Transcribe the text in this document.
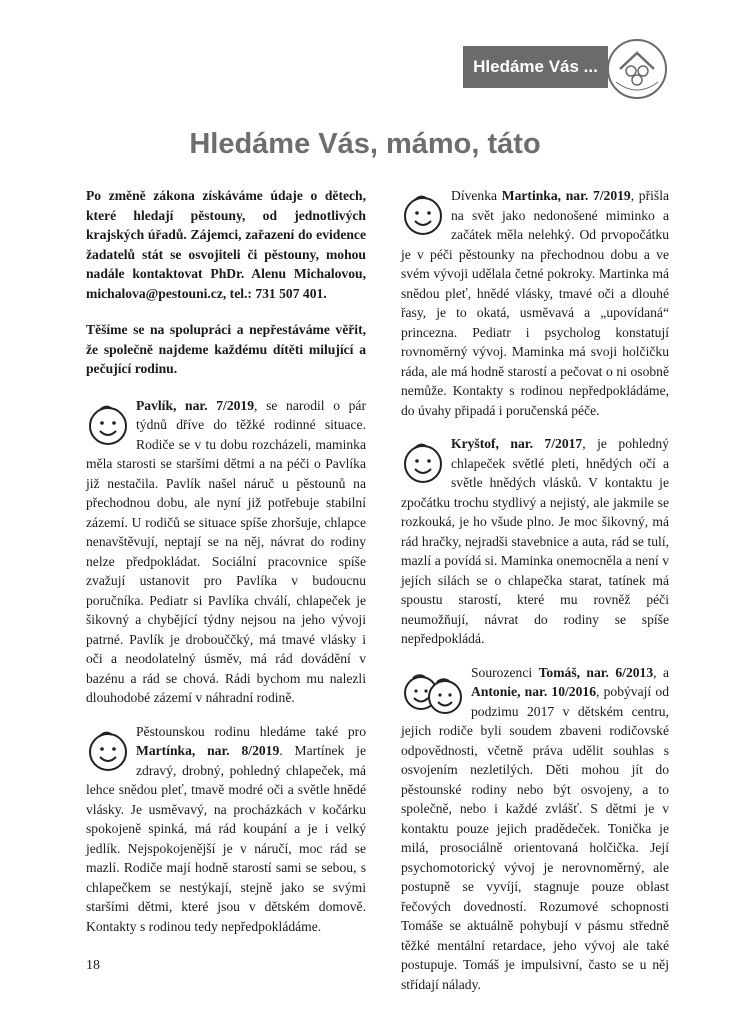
Hledáme Vás ...
Hledáme Vás, mámo, táto

Po změně zákona získáváme údaje o dětech, které hledají pěstouny, od jednotlivých krajských úřadů. Zájemci, zařazení do evidence žadatelů stát se osvojiteli či pěstouny, mohou nadále kontaktovat PhDr. Alenu Michalovou, michalova@pestouni.cz, tel.: 731 507 401.

Těšíme se na spolupráci a nepřestáváme věřit, že společně najdeme každému dítěti milující a pečující rodinu.

Pavlík, nar. 7/2019, se narodil o pár týdnů dříve do těžké rodinné situace. Rodiče se v tu dobu rozcházeli, maminka měla starosti se staršími dětmi a na péči o Pavlíka již nestačila. Pavlík našel náruč u pěstounů na přechodnou dobu, ale nyní již potřebuje stabilní zázemí. U rodičů se situace spíše zhoršuje, chlapce nenavštěvují, neptají se na něj, návrat do rodiny nelze předpokládat. Sociální pracovnice spíše zvažují ustanovit pro Pavlíka v budoucnu poručníka. Pediatr si Pavlíka chválí, chlapeček je šikovný a chybějící týdny nejsou na jeho vývoji patrné. Pavlík je drobouččký, má tmavé vlásky i oči a neodolatelný úsměv, má rád dovádění v bazénu a rád se chová. Rádi bychom mu nalezli dlouhodobé zázemí v náhradní rodině.

Pěstounskou rodinu hledáme také pro Martínka, nar. 8/2019. Martínek je zdravý, drobný, pohledný chlapeček, má lehce snědou pleť, tmavě modré oči a světle hnědé vlásky. Je usměvavý, na procházkách v kočárku spokojeně spinká, má rád koupání a je i velký jedlík. Nejspokojenější je v náručí, moc rád se mazlí. Rodiče mají hodně starostí sami se sebou, s chlapečkem se nestýkají, stejně jako se svými staršími dětmi, které jsou v dětském domově. Kontakty s rodinou tedy nepředpokládáme.

Dívenka Martinka, nar. 7/2019, přišla na svět jako nedonošené miminko a začátek měla nelehký. Od prvopočátku je v péči pěstounky na přechodnou dobu a ve svém vývoji udělala četné pokroky. Martinka má snědou pleť, hnědé vlásky, tmavé oči a dlouhé řasy, je to okatá, usměvavá a „upovídaná“ princezna. Pediatr i psycholog konstatují rovnoměrný vývoj. Maminka má svoji holčičku ráda, ale má hodně starostí a pečovat o ni osobně nemůže. Kontakty s rodinou nepředpokládáme, do úvahy připadá i poručenská péče.

Kryštof, nar. 7/2017, je pohledný chlapeček světlé pleti, hnědých očí a světle hnědých vlásků. V kontaktu je zpočátku trochu stydlivý a nejistý, ale jakmile se rozkouká, je ho všude plno. Je moc šikovný, má rád hračky, nejradši stavebnice a auta, rád se tulí, mazlí a povídá si. Maminka onemocněla a není v jejích silách se o chlapečka starat, tatínek má spoustu starostí, které mu rovněž péči neumožňují, návrat do rodiny se spíše nepředpokládá.

Sourozenci Tomáš, nar. 6/2013, a Antonie, nar. 10/2016, pobývají od podzimu 2017 v dětském centru, jejich rodiče byli soudem zbaveni rodičovské odpovědnosti, včetně práva udělit souhlas s osvojením nezletilých. Děti mohou jít do pěstounské rodiny nebo být osvojeny, a to společně, nebo i každé zvlášť. S dětmi je v kontaktu pouze jejich pradědeček. Tonička je milá, prosociálně orientovaná holčička. Její psychomotorický vývoj je nerovnoměrný, ale postupně se vyvíjí, stagnuje pouze oblast řečových dovedností. Rozumové schopnosti Tomáše se aktuálně pohybují v pásmu středně těžké mentální retardace, jeho vývoj ale také postupuje. Tomáš je impulsivní, často se u něj střídají nálady.

18
